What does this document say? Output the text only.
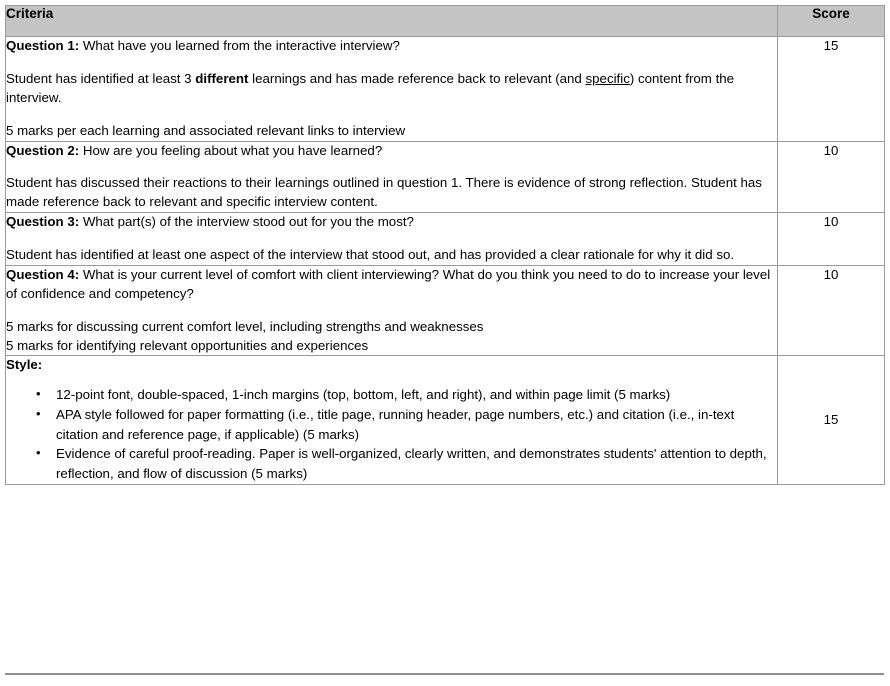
Criteria	Score

Question 1: What have you learned from the interactive interview?

Student has identified at least 3 different learnings and has made reference back to relevant (and specific) content from the interview.

5 marks per each learning and associated relevant links to interview	15

Question 2: How are you feeling about what you have learned?

Student has discussed their reactions to their learnings outlined in question 1. There is evidence of strong reflection. Student has made reference back to relevant and specific interview content.	10

Question 3: What part(s) of the interview stood out for you the most?

Student has identified at least one aspect of the interview that stood out, and has provided a clear rationale for why it did so.	10

Question 4: What is your current level of comfort with client interviewing? What do you think you need to do to increase your level of confidence and competency?

5 marks for discussing current comfort level, including strengths and weaknesses

5 marks for identifying relevant opportunities and experiences	10

Style:

• 12-point font, double-spaced, 1-inch margins (top, bottom, left, and right), and within page limit (5 marks)
• APA style followed for paper formatting (i.e., title page, running header, page numbers, etc.) and citation (i.e., in-text citation and reference page, if applicable) (5 marks)
• Evidence of careful proof-reading. Paper is well-organized, clearly written, and demonstrates students' attention to depth, reflection, and flow of discussion (5 marks)
	15
